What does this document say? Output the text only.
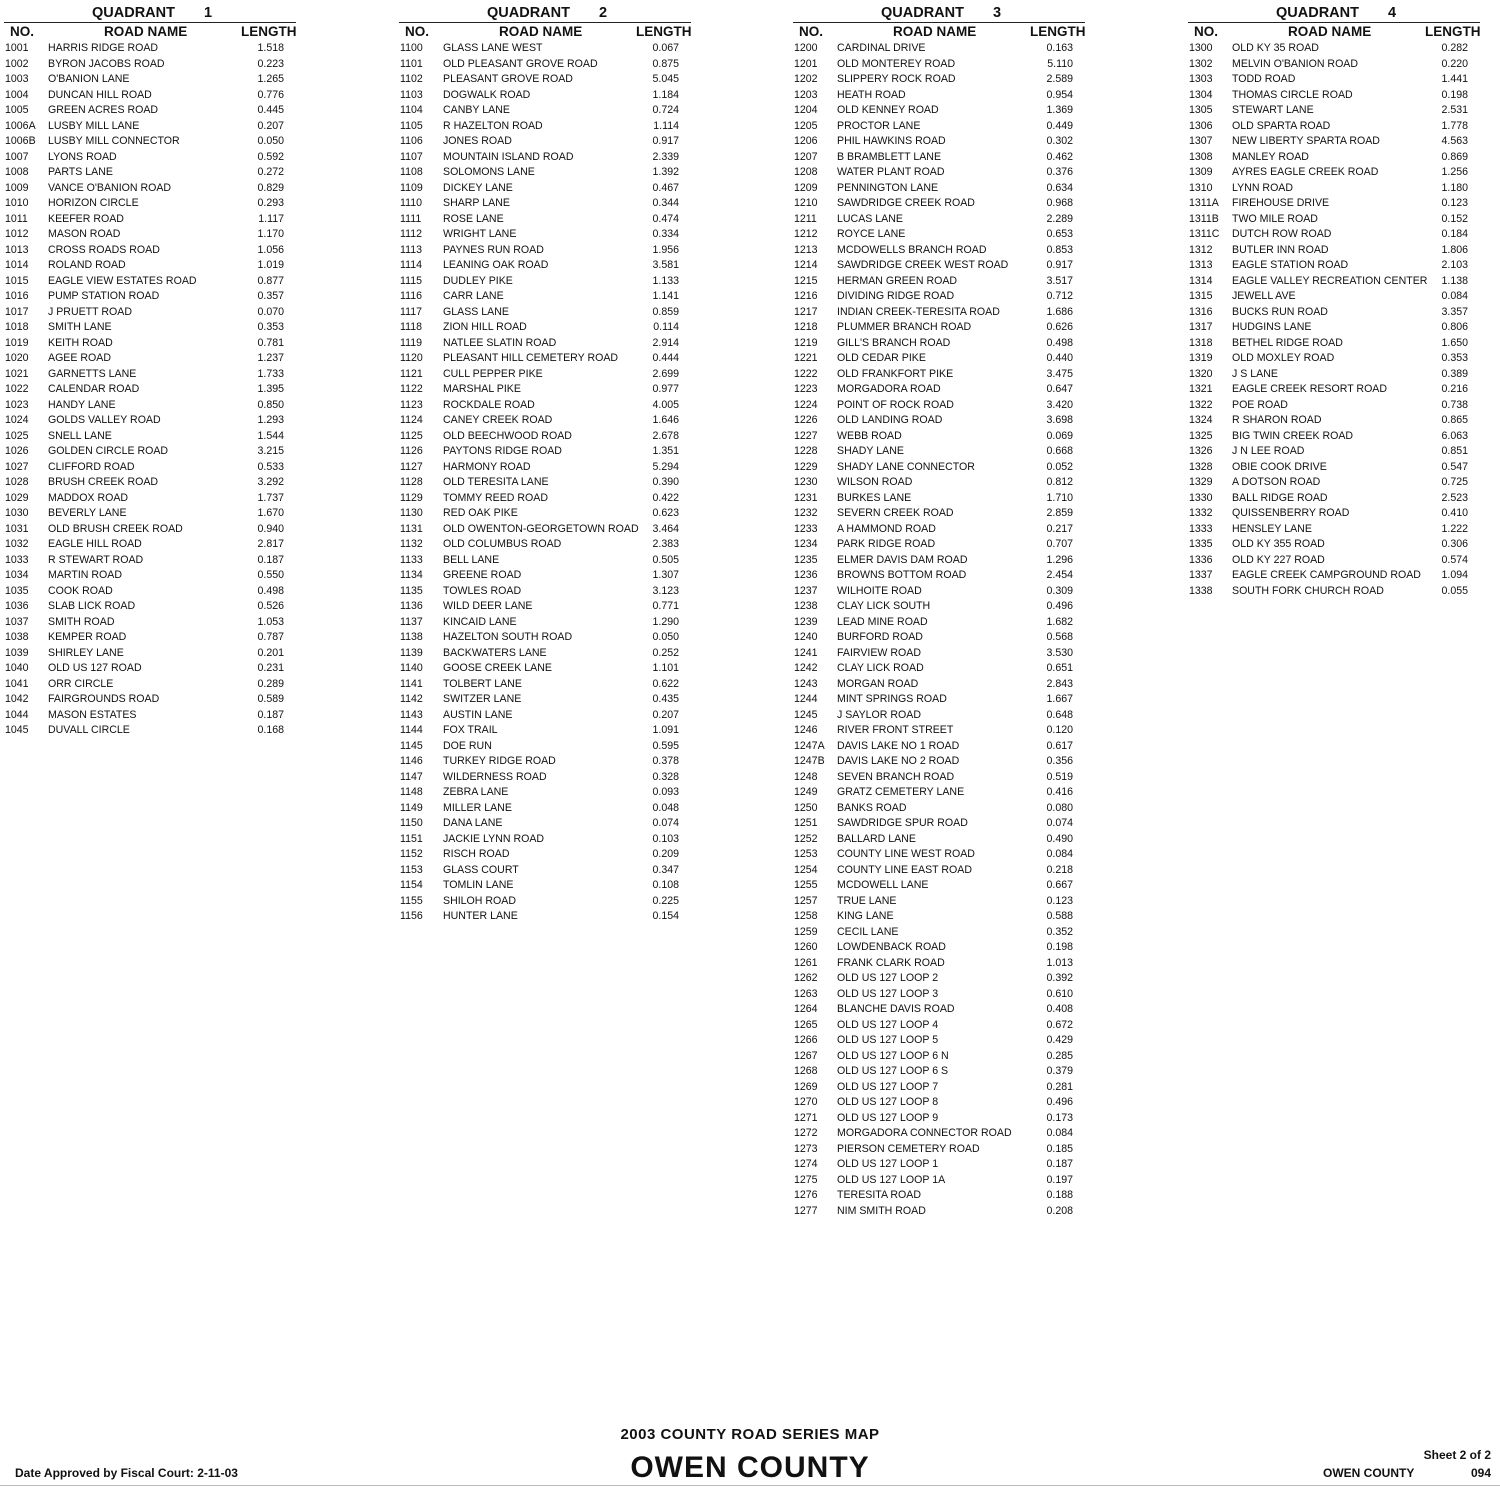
QUADRANT 1
NO.	ROAD NAME	LENGTH
1001 HARRIS RIDGE ROAD	1.518
1002 BYRON JACOBS ROAD	0.223
1003 O'BANION LANE	1.265
1004 DUNCAN HILL ROAD	0.776
1005 GREEN ACRES ROAD	0.445
1006A LUSBY MILL LANE	0.207
1006B LUSBY MILL CONNECTOR	0.050
1007 LYONS ROAD	0.592
1008 PARTS LANE	0.272
1009 VANCE O'BANION ROAD	0.829
1010 HORIZON CIRCLE	0.293
1011 KEEFER ROAD	1.117
1012 MASON ROAD	1.170
1013 CROSS ROADS ROAD	1.056
1014 ROLAND ROAD	1.019
1015 EAGLE VIEW ESTATES ROAD	0.877
1016 PUMP STATION ROAD	0.357
1017 J PRUETT ROAD	0.070
1018 SMITH LANE	0.353
1019 KEITH ROAD	0.781
1020 AGEE ROAD	1.237
1021 GARNETTS LANE	1.733
1022 CALENDAR ROAD	1.395
1023 HANDY LANE	0.850
1024 GOLDS VALLEY ROAD	1.293
1025 SNELL LANE	1.544
1026 GOLDEN CIRCLE ROAD	3.215
1027 CLIFFORD ROAD	0.533
1028 BRUSH CREEK ROAD	3.292
1029 MADDOX ROAD	1.737
1030 BEVERLY LANE	1.670
1031 OLD BRUSH CREEK ROAD	0.940
1032 EAGLE HILL ROAD	2.817
1033 R STEWART ROAD	0.187
1034 MARTIN ROAD	0.550
1035 COOK ROAD	0.498
1036 SLAB LICK ROAD	0.526
1037 SMITH ROAD	1.053
1038 KEMPER ROAD	0.787
1039 SHIRLEY LANE	0.201
1040 OLD US 127 ROAD	0.231
1041 ORR CIRCLE	0.289
1042 FAIRGROUNDS ROAD	0.589
1044 MASON ESTATES	0.187
1045 DUVALL CIRCLE	0.168
QUADRANT 2
NO.	ROAD NAME	LENGTH
1100 GLASS LANE WEST	0.067
1101 OLD PLEASANT GROVE ROAD	0.875
1102 PLEASANT GROVE ROAD	5.045
1103 DOGWALK ROAD	1.184
1104 CANBY LANE	0.724
1105 R HAZELTON ROAD	1.114
1106 JONES ROAD	0.917
1107 MOUNTAIN ISLAND ROAD	2.339
1108 SOLOMONS LANE	1.392
1109 DICKEY LANE	0.467
1110 SHARP LANE	0.344
1111 ROSE LANE	0.474
1112 WRIGHT LANE	0.334
1113 PAYNES RUN ROAD	1.956
1114 LEANING OAK ROAD	3.581
1115 DUDLEY PIKE	1.133
1116 CARR LANE	1.141
1117 GLASS LANE	0.859
1118 ZION HILL ROAD	0.114
1119 NATLEE SLATIN ROAD	2.914
1120 PLEASANT HILL CEMETERY ROAD	0.444
1121 CULL PEPPER PIKE	2.699
1122 MARSHAL PIKE	0.977
1123 ROCKDALE ROAD	4.005
1124 CANEY CREEK ROAD	1.646
1125 OLD BEECHWOOD ROAD	2.678
1126 PAYTONS RIDGE ROAD	1.351
1127 HARMONY ROAD	5.294
1128 OLD TERESITA LANE	0.390
1129 TOMMY REED ROAD	0.422
1130 RED OAK PIKE	0.623
1131 OLD OWENTON-GEORGETOWN ROAD 3.464
1132 OLD COLUMBUS ROAD	2.383
1133 BELL LANE	0.505
1134 GREENE ROAD	1.307
1135 TOWLES ROAD	3.123
1136 WILD DEER LANE	0.771
1137 KINCAID LANE	1.290
1138 HAZELTON SOUTH ROAD	0.050
1139 BACKWATERS LANE	0.252
1140 GOOSE CREEK LANE	1.101
1141 TOLBERT LANE	0.622
1142 SWITZER LANE	0.435
1143 AUSTIN LANE	0.207
1144 FOX TRAIL	1.091
1145 DOE RUN	0.595
1146 TURKEY RIDGE ROAD	0.378
1147 WILDERNESS ROAD	0.328
1148 ZEBRA LANE	0.093
1149 MILLER LANE	0.048
1150 DANA LANE	0.074
1151 JACKIE LYNN ROAD	0.103
1152 RISCH ROAD	0.209
1153 GLASS COURT	0.347
1154 TOMLIN LANE	0.108
1155 SHILOH ROAD	0.225
1156 HUNTER LANE	0.154
QUADRANT 3
NO.	ROAD NAME	LENGTH
1200 CARDINAL DRIVE	0.163
1201 OLD MONTEREY ROAD	5.110
1202 SLIPPERY ROCK ROAD	2.589
1203 HEATH ROAD	0.954
1204 OLD KENNEY ROAD	1.369
1205 PROCTOR LANE	0.449
1206 PHIL HAWKINS ROAD	0.302
1207 B BRAMBLETT LANE	0.462
1208 WATER PLANT ROAD	0.376
1209 PENNINGTON LANE	0.634
1210 SAWDRIDGE CREEK ROAD	0.968
1211 LUCAS LANE	2.289
1212 ROYCE LANE	0.653
1213 MCDOWELLS BRANCH ROAD	0.853
1214 SAWDRIDGE CREEK WEST ROAD	0.917
1215 HERMAN GREEN ROAD	3.517
1216 DIVIDING RIDGE ROAD	0.712
1217 INDIAN CREEK-TERESITA ROAD	1.686
1218 PLUMMER BRANCH ROAD	0.626
1219 GILL'S BRANCH ROAD	0.498
1221 OLD CEDAR PIKE	0.440
1222 OLD FRANKFORT PIKE	3.475
1223 MORGADORA ROAD	0.647
1224 POINT OF ROCK ROAD	3.420
1226 OLD LANDING ROAD	3.698
1227 WEBB ROAD	0.069
1228 SHADY LANE	0.668
1229 SHADY LANE CONNECTOR	0.052
1230 WILSON ROAD	0.812
1231 BURKES LANE	1.710
1232 SEVERN CREEK ROAD	2.859
1233 A HAMMOND ROAD	0.217
1234 PARK RIDGE ROAD	0.707
1235 ELMER DAVIS DAM ROAD	1.296
1236 BROWNS BOTTOM ROAD	2.454
1237 WILHOITE ROAD	0.309
1238 CLAY LICK SOUTH	0.496
1239 LEAD MINE ROAD	1.682
1240 BURFORD ROAD	0.568
1241 FAIRVIEW ROAD	3.530
1242 CLAY LICK ROAD	0.651
1243 MORGAN ROAD	2.843
1244 MINT SPRINGS ROAD	1.667
1245 J SAYLOR ROAD	0.648
1246 RIVER FRONT STREET	0.120
1247A DAVIS LAKE NO 1 ROAD	0.617
1247B DAVIS LAKE NO 2 ROAD	0.356
1248 SEVEN BRANCH ROAD	0.519
1249 GRATZ CEMETERY LANE	0.416
1250 BANKS ROAD	0.080
1251 SAWDRIDGE SPUR ROAD	0.074
1252 BALLARD LANE	0.490
1253 COUNTY LINE WEST ROAD	0.084
1254 COUNTY LINE EAST ROAD	0.218
1255 MCDOWELL LANE	0.667
1257 TRUE LANE	0.123
1258 KING LANE	0.588
1259 CECIL LANE	0.352
1260 LOWDENBACK ROAD	0.198
1261 FRANK CLARK ROAD	1.013
1262 OLD US 127 LOOP 2	0.392
1263 OLD US 127 LOOP 3	0.610
1264 BLANCHE DAVIS ROAD	0.408
1265 OLD US 127 LOOP 4	0.672
1266 OLD US 127 LOOP 5	0.429
1267 OLD US 127 LOOP 6 N	0.285
1268 OLD US 127 LOOP 6 S	0.379
1269 OLD US 127 LOOP 7	0.281
1270 OLD US 127 LOOP 8	0.496
1271 OLD US 127 LOOP 9	0.173
1272 MORGADORA CONNECTOR ROAD	0.084
1273 PIERSON CEMETERY ROAD	0.185
1274 OLD US 127 LOOP 1	0.187
1275 OLD US 127 LOOP 1A	0.197
1276 TERESITA ROAD	0.188
1277 NIM SMITH ROAD	0.208
QUADRANT 4
NO.	ROAD NAME	LENGTH
1300 OLD KY 35 ROAD	0.282
1302 MELVIN O'BANION ROAD	0.220
1303 TODD ROAD	1.441
1304 THOMAS CIRCLE ROAD	0.198
1305 STEWART LANE	2.531
1306 OLD SPARTA ROAD	1.778
1307 NEW LIBERTY SPARTA ROAD	4.563
1308 MANLEY ROAD	0.869
1309 AYRES EAGLE CREEK ROAD	1.256
1310 LYNN ROAD	1.180
1311A FIREHOUSE DRIVE	0.123
1311B TWO MILE ROAD	0.152
1311C DUTCH ROW ROAD	0.184
1312 BUTLER INN ROAD	1.806
1313 EAGLE STATION ROAD	2.103
1314 EAGLE VALLEY RECREATION CENTER 1.138
1315 JEWELL AVE	0.084
1316 BUCKS RUN ROAD	3.357
1317 HUDGINS LANE	0.806
1318 BETHEL RIDGE ROAD	1.650
1319 OLD MOXLEY ROAD	0.353
1320 J S LANE	0.389
1321 EAGLE CREEK RESORT ROAD	0.216
1322 POE ROAD	0.738
1324 R SHARON ROAD	0.865
1325 BIG TWIN CREEK ROAD	6.063
1326 J N LEE ROAD	0.851
1328 OBIE COOK DRIVE	0.547
1329 A DOTSON ROAD	0.725
1330 BALL RIDGE ROAD	2.523
1332 QUISSENBERRY ROAD	0.410
1333 HENSLEY LANE	1.222
1335 OLD KY 355 ROAD	0.306
1336 OLD KY 227 ROAD	0.574
1337 EAGLE CREEK CAMPGROUND ROAD 1.094
1338 SOUTH FORK CHURCH ROAD	0.055
2003 COUNTY ROAD SERIES MAP
OWEN COUNTY
Date Approved by Fiscal Court: 2-11-03
Sheet 2 of 2
OWEN COUNTY	094
